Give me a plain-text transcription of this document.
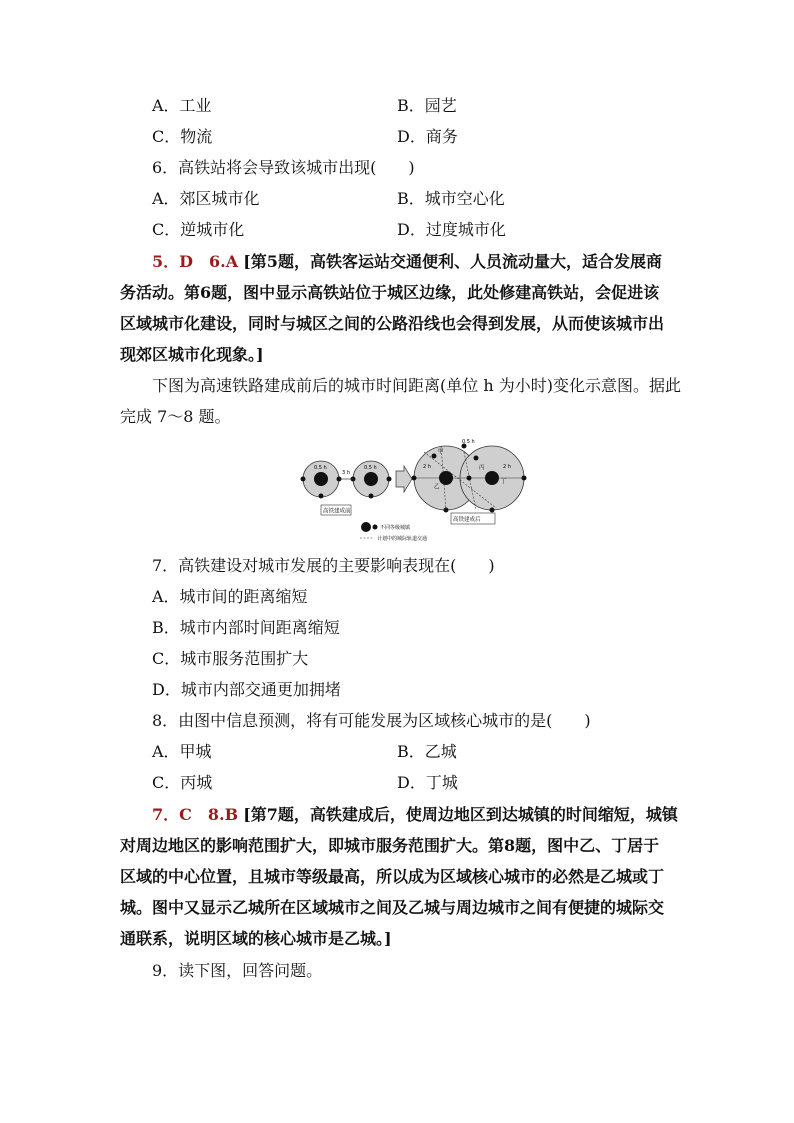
A．工业	B．园艺
C．物流	D．商务
6．高铁站将会导致该城市出现(　　)
A．郊区城市化	B．城市空心化
C．逆城市化	D．过度城市化
5．D　6.A [第5题，高铁客运站交通便利、人员流动量大，适合发展商
务活动。第6题，图中显示高铁站位于城区边缘，此处修建高铁站，会促进该
区域城市化建设，同时与城区之间的公路沿线也会得到发展，从而使该城市出
现郊区城市化现象。]
下图为高速铁路建成前后的城市时间距离(单位 h 为小时)变化示意图。据此
完成 7～8 题。
0.5 h	0.5 h
3 h
高铁建成前
0.5 h
2 h	2 h
甲
乙
丙
丁
高铁建成后
不同等级城镇
计划中的城际轨道交通
7．高铁建设对城市发展的主要影响表现在(　　)
A．城市间的距离缩短
B．城市内部时间距离缩短
C．城市服务范围扩大
D．城市内部交通更加拥堵
8．由图中信息预测，将有可能发展为区域核心城市的是(　　)
A．甲城	B．乙城
C．丙城	D．丁城
7．C　8.B [第7题，高铁建成后，使周边地区到达城镇的时间缩短，城镇
对周边地区的影响范围扩大，即城市服务范围扩大。第8题，图中乙、丁居于
区域的中心位置，且城市等级最高，所以成为区域核心城市的必然是乙城或丁
城。图中又显示乙城所在区域城市之间及乙城与周边城市之间有便捷的城际交
通联系，说明区域的核心城市是乙城。]
9．读下图，回答问题。
